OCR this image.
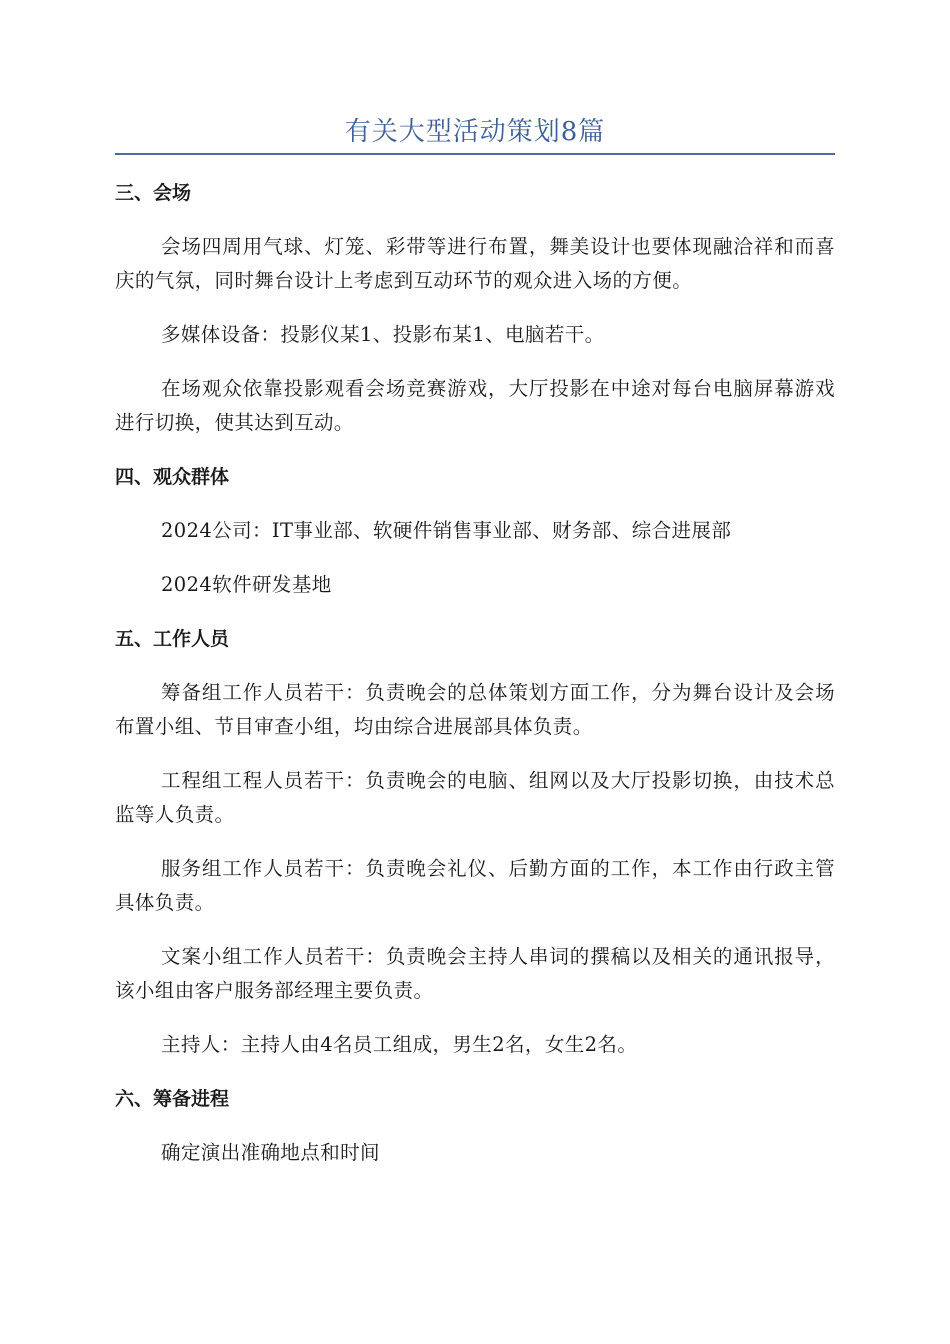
有关大型活动策划8篇
三、会场
会场四周用气球、灯笼、彩带等进行布置，舞美设计也要体现融洽祥和而喜庆的气氛，同时舞台设计上考虑到互动环节的观众进入场的方便。
多媒体设备：投影仪某1、投影布某1、电脑若干。
在场观众依靠投影观看会场竞赛游戏，大厅投影在中途对每台电脑屏幕游戏进行切换，使其达到互动。
四、观众群体
2024公司：IT事业部、软硬件销售事业部、财务部、综合进展部
2024软件研发基地
五、工作人员
筹备组工作人员若干：负责晚会的总体策划方面工作，分为舞台设计及会场布置小组、节目审查小组，均由综合进展部具体负责。
工程组工程人员若干：负责晚会的电脑、组网以及大厅投影切换，由技术总监等人负责。
服务组工作人员若干：负责晚会礼仪、后勤方面的工作，本工作由行政主管具体负责。
文案小组工作人员若干：负责晚会主持人串词的撰稿以及相关的通讯报导，该小组由客户服务部经理主要负责。
主持人：主持人由4名员工组成，男生2名，女生2名。
六、筹备进程
确定演出准确地点和时间
